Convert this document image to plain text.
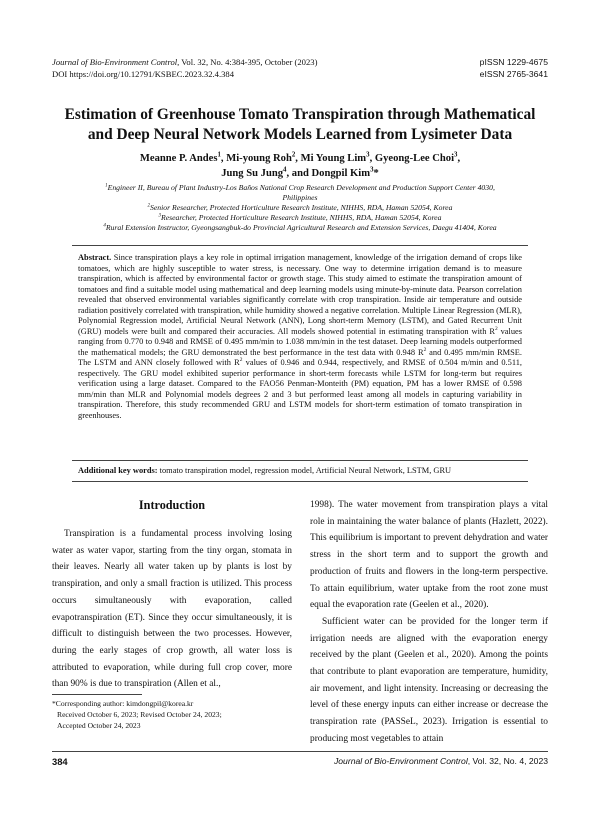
Journal of Bio-Environment Control, Vol. 32, No. 4:384-395, October (2023)
DOI https://doi.org/10.12791/KSBEC.2023.32.4.384
pISSN 1229-4675
eISSN 2765-3641
Estimation of Greenhouse Tomato Transpiration through Mathematical
and Deep Neural Network Models Learned from Lysimeter Data
Meanne P. Andes$^1$, Mi-young Roh$^2$, Mi Young Lim$^3$, Gyeong-Lee Choi$^3$,
Jung Su Jung$^4$, and Dongpil Kim$^3$*
$^1$Engineer II, Bureau of Plant Industry-Los Baños National Crop Research Development and Production Support Center 4030,
Philippines
$^2$Senior Researcher, Protected Horticulture Research Institute, NIHHS, RDA, Haman 52054, Korea
$^3$Researcher, Protected Horticulture Research Institute, NIHHS, RDA, Haman 52054, Korea
$^4$Rural Extension Instructor, Gyeongsangbuk-do Provincial Agricultural Research and Extension Services, Daegu 41404, Korea
Abstract. Since transpiration plays a key role in optimal irrigation management, knowledge of the irrigation demand of crops like tomatoes, which are highly susceptible to water stress, is necessary. One way to determine irrigation demand is to measure transpiration, which is affected by environmental factor or growth stage. This study aimed to estimate the transpiration amount of tomatoes and find a suitable model using mathematical and deep learning models using minute-by-minute data. Pearson correlation revealed that observed environmental variables significantly correlate with crop transpiration. Inside air temperature and outside radiation positively correlated with transpiration, while humidity showed a negative correlation. Multiple Linear Regression (MLR), Polynomial Regression model, Artificial Neural Network (ANN), Long short-term Memory (LSTM), and Gated Recurrent Unit (GRU) models were built and compared their accuracies. All models showed potential in estimating transpiration with $R^2$ values ranging from 0.770 to 0.948 and RMSE of 0.495 mm/min to 1.038 mm/min in the test dataset. Deep learning models outperformed the mathematical models; the GRU demonstrated the best performance in the test data with 0.948 $R^2$ and 0.495 mm/min RMSE. The LSTM and ANN closely followed with $R^2$ values of 0.946 and 0.944, respectively, and RMSE of 0.504 m/min and 0.511, respectively. The GRU model exhibited superior performance in short-term forecasts while LSTM for long-term but requires verification using a large dataset. Compared to the FAO56 Penman-Monteith (PM) equation, PM has a lower RMSE of 0.598 mm/min than MLR and Polynomial models degrees 2 and 3 but performed least among all models in capturing variability in transpiration. Therefore, this study recommended GRU and LSTM models for short-term estimation of tomato transpiration in greenhouses.
Additional key words: tomato transpiration model, regression model, Artificial Neural Network, LSTM, GRU
Introduction

Transpiration is a fundamental process involving losing water as water vapor, starting from the tiny organ, stomata in their leaves. Nearly all water taken up by plants is lost by transpiration, and only a small fraction is utilized. This process occurs simultaneously with evaporation, called evapotranspiration (ET). Since they occur simultaneously, it is difficult to distinguish between the two processes. However, during the early stages of crop growth, all water loss is attributed to evaporation, while during full crop cover, more than 90% is due to transpiration (Allen et al.,

1998). The water movement from transpiration plays a vital role in maintaining the water balance of plants (Hazlett, 2022). This equilibrium is important to prevent dehydration and water stress in the short term and to support the growth and production of fruits and flowers in the long-term perspective. To attain equilibrium, water uptake from the root zone must equal the evaporation rate (Geelen et al., 2020).

Sufficient water can be provided for the longer term if irrigation needs are aligned with the evaporation energy received by the plant (Geelen et al., 2020). Among the points that contribute to plant evaporation are temperature, humidity, air movement, and light intensity. Increasing or decreasing the level of these energy inputs can either increase or decrease the transpiration rate (PASSeL, 2023). Irrigation is essential to producing most vegetables to attain

*Corresponding author: kimdongpil@korea.kr
Received October 6, 2023; Revised October 24, 2023;
Accepted October 24, 2023
384	Journal of Bio-Environment Control, Vol. 32, No. 4, 2023
